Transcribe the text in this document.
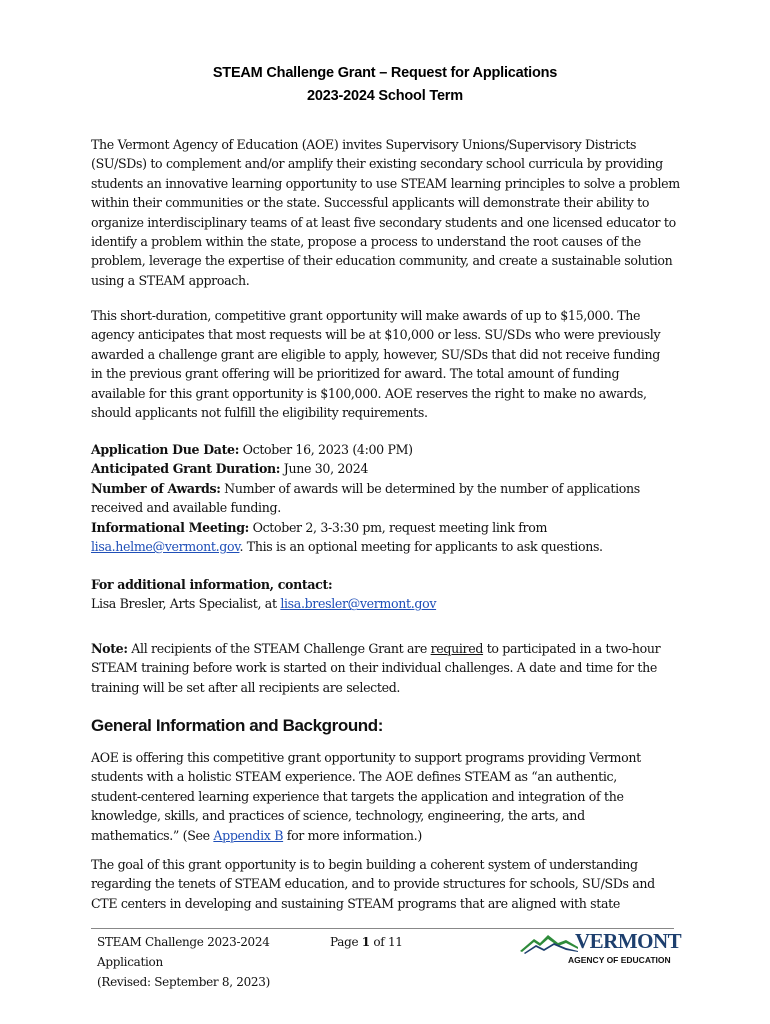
STEAM Challenge Grant – Request for Applications
2023-2024 School Term

The Vermont Agency of Education (AOE) invites Supervisory Unions/Supervisory Districts
(SU/SDs) to complement and/or amplify their existing secondary school curricula by providing
students an innovative learning opportunity to use STEAM learning principles to solve a problem
within their communities or the state. Successful applicants will demonstrate their ability to
organize interdisciplinary teams of at least five secondary students and one licensed educator to
identify a problem within the state, propose a process to understand the root causes of the
problem, leverage the expertise of their education community, and create a sustainable solution
using a STEAM approach.

This short-duration, competitive grant opportunity will make awards of up to $15,000. The
agency anticipates that most requests will be at $10,000 or less. SU/SDs who were previously
awarded a challenge grant are eligible to apply, however, SU/SDs that did not receive funding
in the previous grant offering will be prioritized for award. The total amount of funding
available for this grant opportunity is $100,000. AOE reserves the right to make no awards,
should applicants not fulfill the eligibility requirements.

Application Due Date: October 16, 2023 (4:00 PM)
Anticipated Grant Duration: June 30, 2024
Number of Awards: Number of awards will be determined by the number of applications
received and available funding.
Informational Meeting: October 2, 3-3:30 pm, request meeting link from
lisa.helme@vermont.gov. This is an optional meeting for applicants to ask questions.

For additional information, contact:
Lisa Bresler, Arts Specialist, at lisa.bresler@vermont.gov

Note: All recipients of the STEAM Challenge Grant are required to participated in a two-hour
STEAM training before work is started on their individual challenges. A date and time for the
training will be set after all recipients are selected.

General Information and Background:

AOE is offering this competitive grant opportunity to support programs providing Vermont
students with a holistic STEAM experience. The AOE defines STEAM as “an authentic,
student-centered learning experience that targets the application and integration of the
knowledge, skills, and practices of science, technology, engineering, the arts, and
mathematics.” (See Appendix B for more information.)

The goal of this grant opportunity is to begin building a coherent system of understanding
regarding the tenets of STEAM education, and to provide structures for schools, SU/SDs and
CTE centers in developing and sustaining STEAM programs that are aligned with state

STEAM Challenge 2023-2024
Application
(Revised: September 8, 2023)
Page 1 of 11	VERMONT
AGENCY OF EDUCATION
